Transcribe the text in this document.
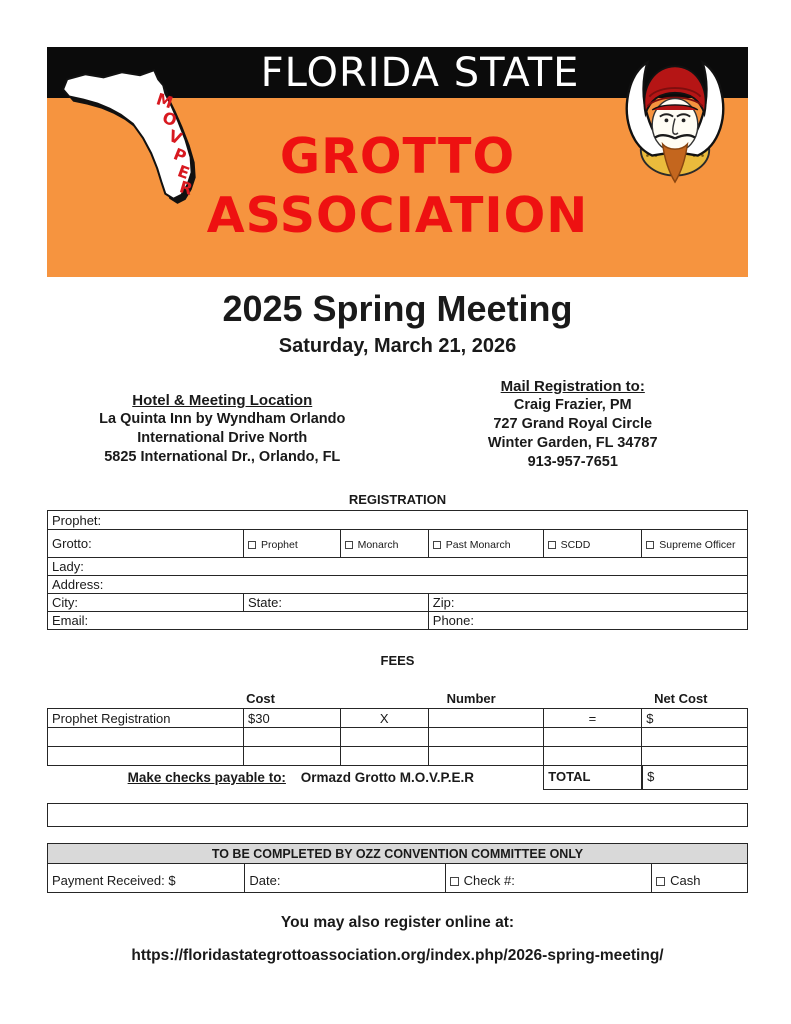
FLORIDA STATE
M
O
V
P
E
R
GROTTO
ASSOCIATION
2025 Spring Meeting
Saturday, March 21, 2026
Hotel & Meeting Location
La Quinta Inn by Wyndham Orlando
International Drive North
5825 International Dr., Orlando, FL
Mail Registration to:
Craig Frazier, PM
727 Grand Royal Circle
Winter Garden, FL 34787
913-957-7651
REGISTRATION
Prophet:					
Grotto:	Prophet	Monarch	Past Monarch	SCDD	Supreme Officer
Lady:					
Address:					
City:	State:		Zip:		
Email:			Phone:		
FEES
Cost	Number	Net Cost
Prophet Registration	$30	X		=	$

Make checks payable to: Ormazd Grotto M.O.V.P.E.R	TOTAL	$
TO BE COMPLETED BY OZZ CONVENTION COMMITTEE ONLY
Payment Received: $	Date:	Check #:	Cash
You may also register online at:
https://floridastategrottoassociation.org/index.php/2026-spring-meeting/
